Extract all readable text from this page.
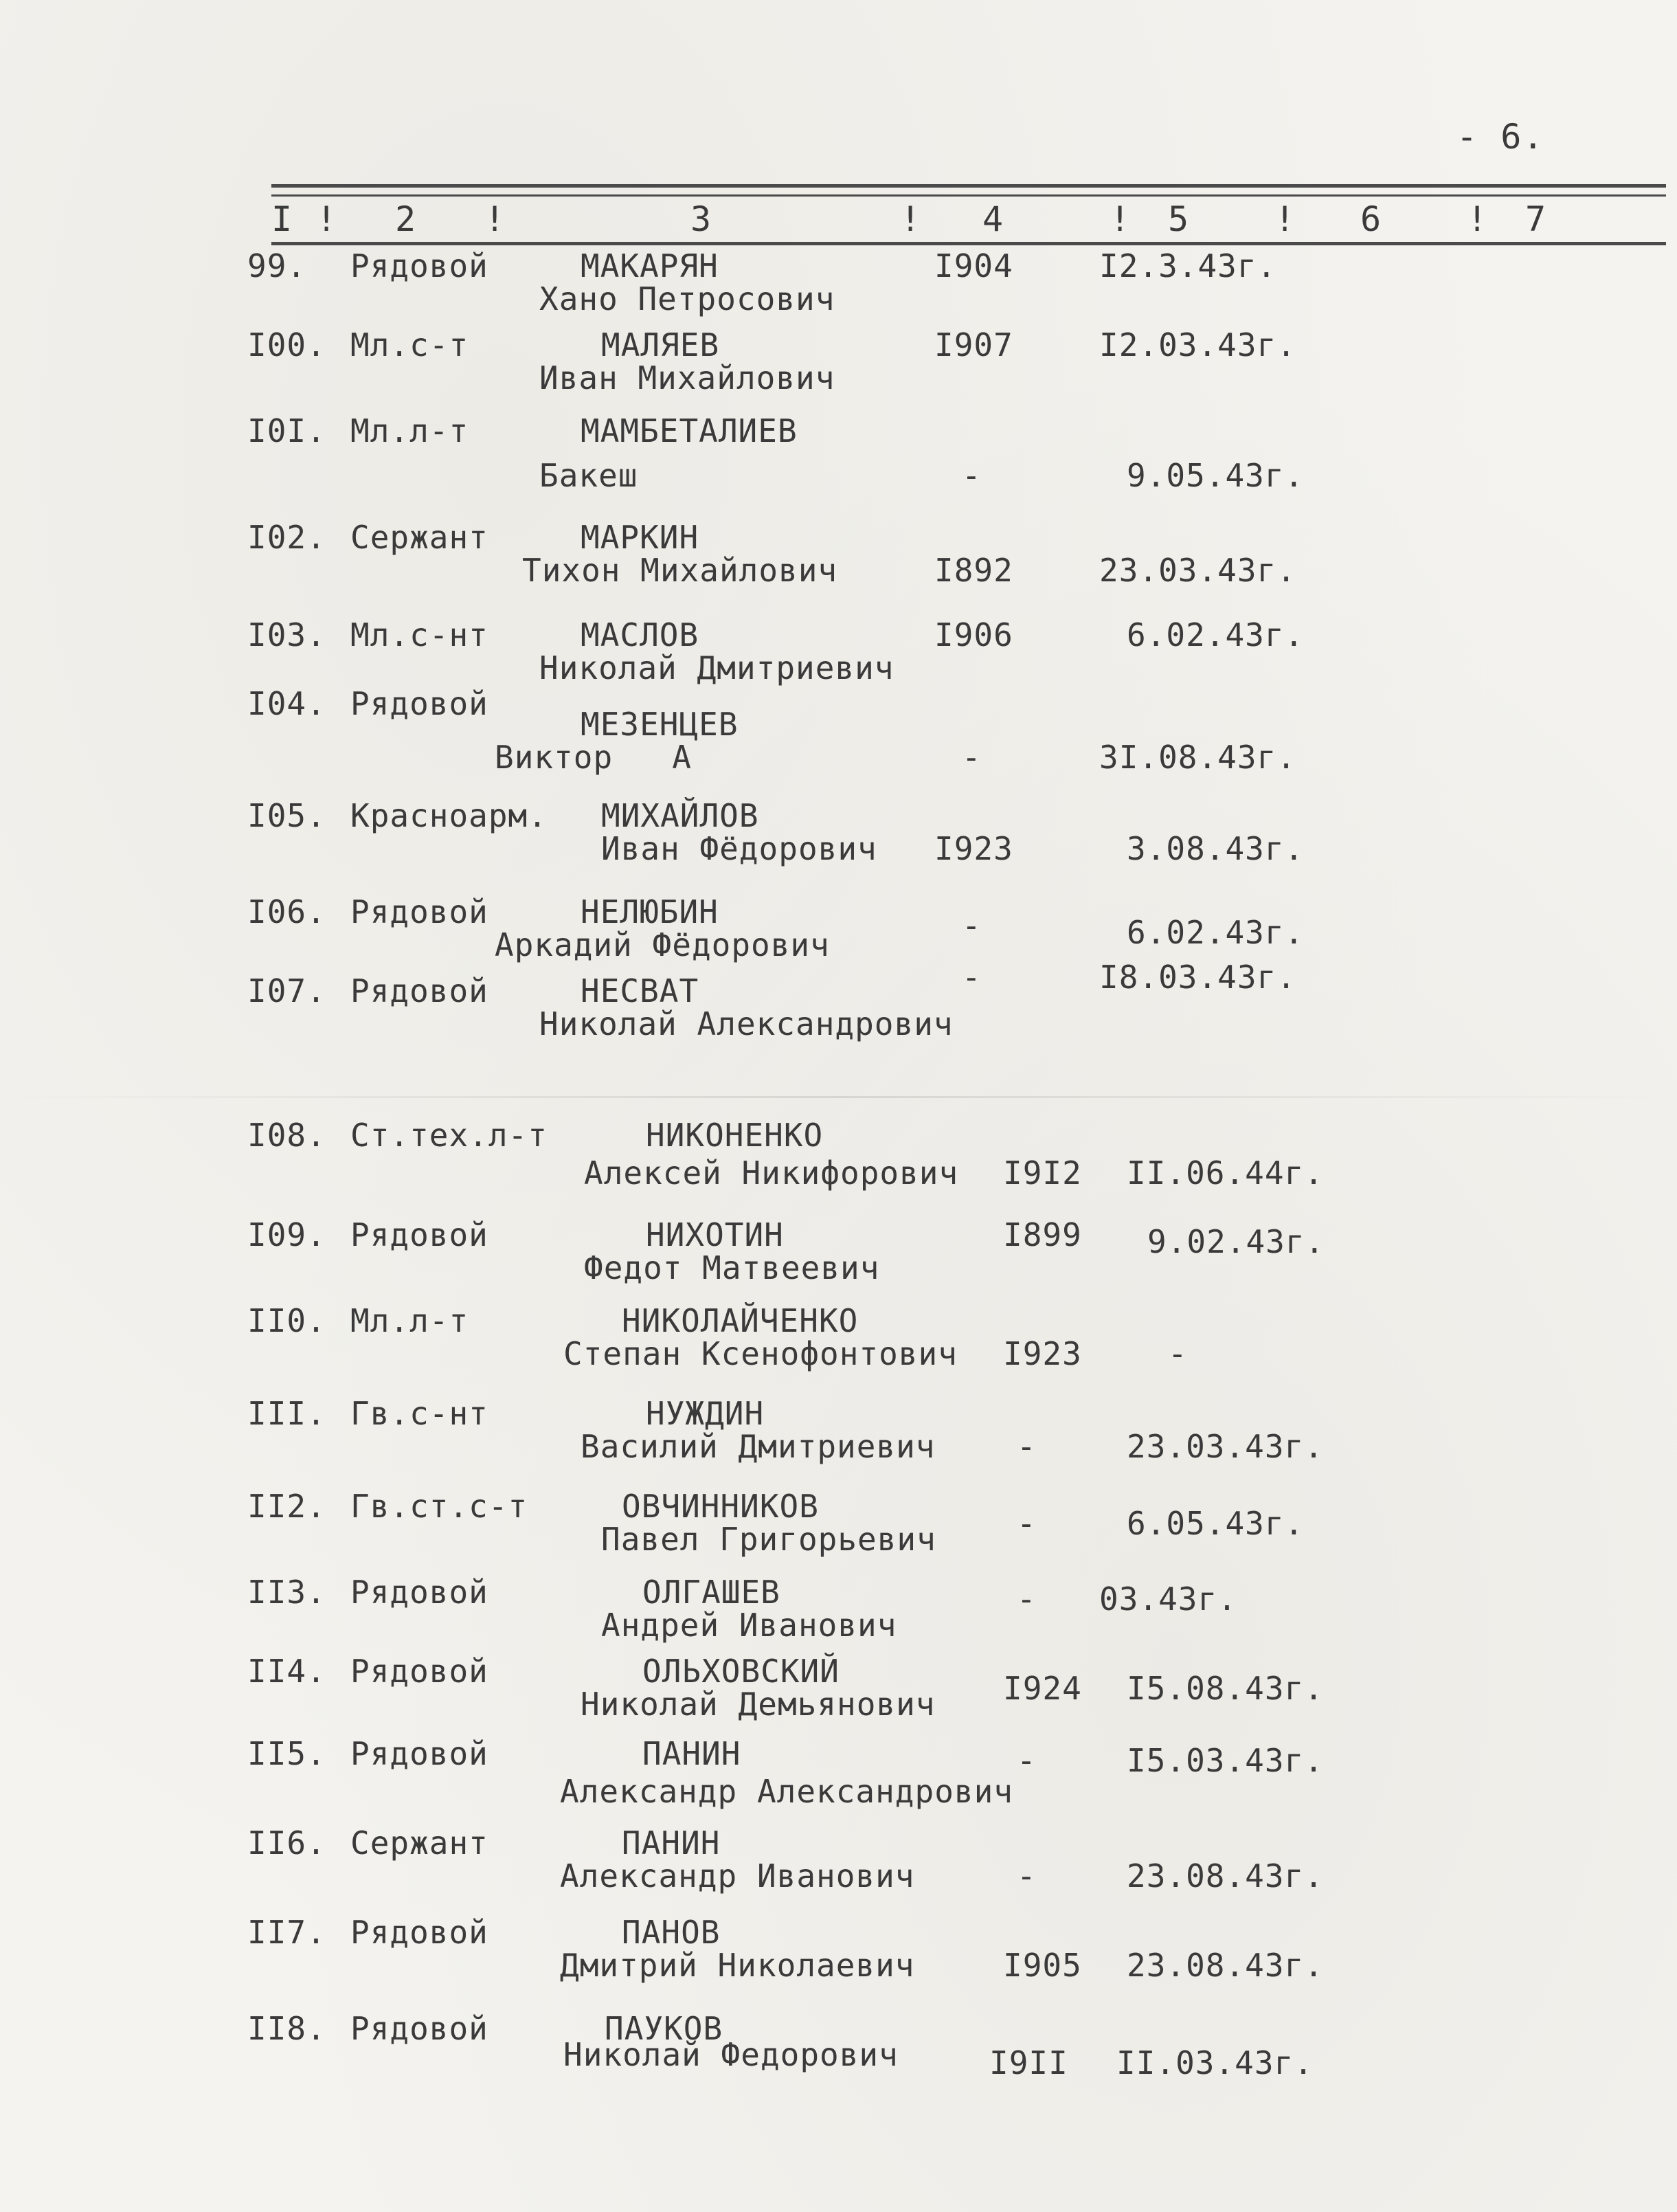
- 6.
I ! 2 !	3	! 4	! 5 ! 6 ! 7
99. Рядовой	МАКАРЯН
Хано Петросович
I904	I2.3.43г.
I00. Мл.с-т	МАЛЯЕВ
Иван Михайлович
I907	I2.03.43г.
I0I. Мл.л-т	МАМБЕТАЛИЕВ
Бакеш	-	9.05.43г.
I02. Сержант	МАРКИН
Тихон Михайлович	I892	23.03.43г.
I03. Мл.с-нт	МАСЛОВ
Николай Дмитриевич
I906	6.02.43г.
I04. Рядовой
МЕЗЕНЦЕВ
Виктор   А	-	3I.08.43г.
I05. Красноарм. МИХАЙЛОВ
Иван Фёдорович I923	3.08.43г.
I06. Рядовой	НЕЛЮБИН
Аркадий Фёдорович
-	6.02.43г.
I07. Рядовой	НЕСВАТ
Николай Александрович
-	I8.03.43г.
I08. Ст.тех.л-т	НИКОНЕНКО
Алексей Никифорович I9I2 II.06.44г.
I09. Рядовой	НИХОТИН
Федот Матвеевич
I899 9.02.43г.
II0. Мл.л-т	НИКОЛАЙЧЕНКО
Степан Ксенофонтович I923	-
III. Гв.с-нт	НУЖДИН
Василий Дмитриевич	-	23.03.43г.
II2. Гв.ст.с-т	ОВЧИННИКОВ
Павел Григорьевич	-	6.05.43г.
II3. Рядовой	ОЛГАШЕВ
Андрей Иванович
- 03.43г.
II4. Рядовой	ОЛЬХОВСКИЙ
Николай Демьянович I924 I5.08.43г.
II5. Рядовой	ПАНИН
Александр Александрович
-	I5.03.43г.
II6. Сержант	ПАНИН
Александр Иванович	-	23.08.43г.
II7. Рядовой	ПАНОВ
Дмитрий Николаевич	I905 23.08.43г.
II8. Рядовой	ПАУКОВ
Николай Федорович	I9II II.03.43г.
